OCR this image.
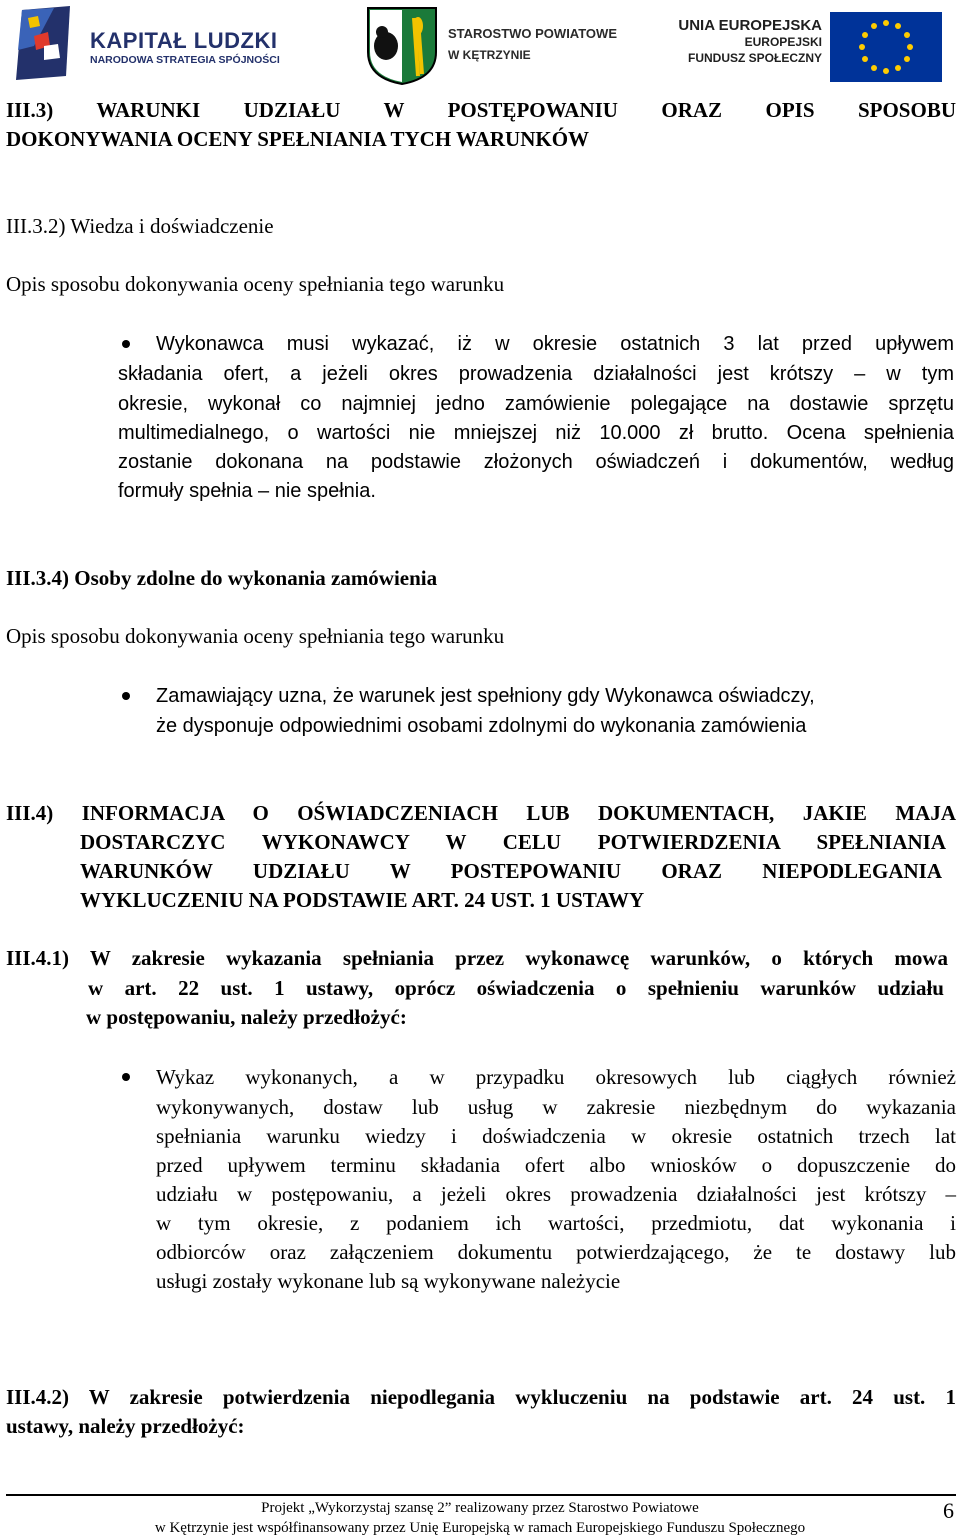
KAPITAŁ LUDZKI
NARODOWA STRATEGIA SPÓJNOŚCI
STAROSTWO POWIATOWE
W KĘTRZYNIE
UNIA EUROPEJSKA
EUROPEJSKI
FUNDUSZ SPOŁECZNY
III.3) WARUNKI UDZIAŁU W POSTĘPOWANIU ORAZ OPIS SPOSOBU
DOKONYWANIA OCENY SPEŁNIANIA TYCH WARUNKÓW
III.3.2) Wiedza i doświadczenie
Opis sposobu dokonywania oceny spełniania tego warunku
Wykonawca musi wykazać, iż w okresie ostatnich 3 lat przed upływem
składania ofert, a jeżeli okres prowadzenia działalności jest krótszy – w tym
okresie, wykonał co najmniej jedno zamówienie polegające na dostawie sprzętu
multimedialnego, o wartości nie mniejszej niż 10.000 zł brutto. Ocena spełnienia
zostanie dokonana na podstawie złożonych oświadczeń i dokumentów, według
formuły spełnia – nie spełnia.
III.3.4) Osoby zdolne do wykonania zamówienia
Opis sposobu dokonywania oceny spełniania tego warunku
Zamawiający uzna, że warunek jest spełniony gdy Wykonawca oświadczy,
że dysponuje odpowiednimi osobami zdolnymi do wykonania zamówienia
III.4) INFORMACJA O OŚWIADCZENIACH LUB DOKUMENTACH, JAKIE MAJA
DOSTARCZYC WYKONAWCY W CELU POTWIERDZENIA SPEŁNIANIA
WARUNKÓW UDZIAŁU W POSTEPOWANIU ORAZ NIEPODLEGANIA
WYKLUCZENIU NA PODSTAWIE ART. 24 UST. 1 USTAWY
III.4.1) W zakresie wykazania spełniania przez wykonawcę warunków, o których mowa
w art. 22 ust. 1 ustawy, oprócz oświadczenia o spełnieniu warunków udziału
w postępowaniu, należy przedłożyć:
Wykaz wykonanych, a w przypadku okresowych lub ciągłych również
wykonywanych, dostaw lub usług w zakresie niezbędnym do wykazania
spełniania warunku wiedzy i doświadczenia w okresie ostatnich trzech lat
przed upływem terminu składania ofert albo wniosków o dopuszczenie do
udziału w postępowaniu, a jeżeli okres prowadzenia działalności jest krótszy –
w tym okresie, z podaniem ich wartości, przedmiotu, dat wykonania i
odbiorców oraz załączeniem dokumentu potwierdzającego, że te dostawy lub
usługi zostały wykonane lub są wykonywane należycie
III.4.2) W zakresie potwierdzenia niepodlegania wykluczeniu na podstawie art. 24 ust. 1
ustawy, należy przedłożyć:
Projekt „Wykorzystaj szansę 2” realizowany przez Starostwo Powiatowe
w Kętrzynie jest współfinansowany przez Unię Europejską w ramach Europejskiego Funduszu Społecznego
6
